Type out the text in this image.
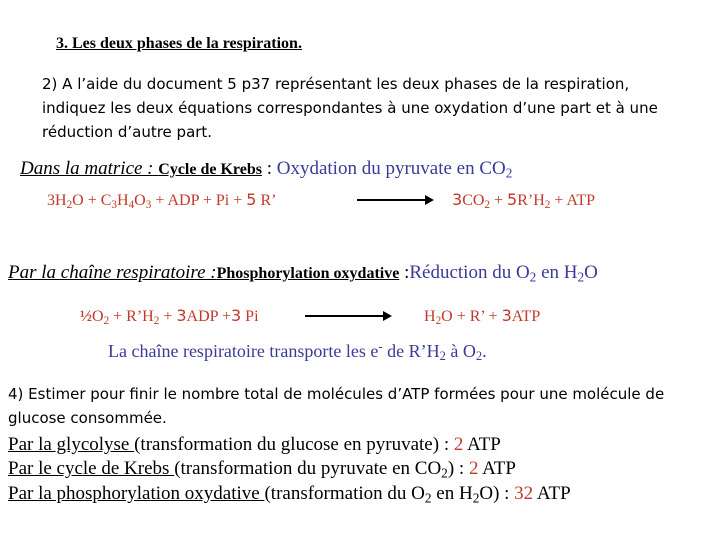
3. Les deux phases de la respiration.
2) A l’aide du document 5 p37 représentant les deux phases de la respiration,
indiquez les deux équations correspondantes à une oxydation d’une part et à une
réduction d’autre part.
Dans la matrice : Cycle de Krebs : Oxydation du pyruvate en $CO_2$
$3H_2O + C_3H_4O_3$ + ADP + Pi + 5 R’	$3CO_2$ + $5R’H_2$ + ATP
Par la chaîne respiratoire :Phosphorylation oxydative :Réduction du $O_2$ en $H_2O$
$\frac{1}{2}O_2$ + $R’H_2 + 3ADP +3$ Pi	$H_2O + R$’ + 3ATP
La chaîne respiratoire transporte les e- de $R’H_2$ à $O_2$.
4) Estimer pour finir le nombre total de molécules d’ATP formées pour une molécule de
glucose consommée.
Par la glycolyse (transformation du glucose en pyruvate) : 2 ATP
Par le cycle de Krebs (transformation du pyruvate en $CO_2$) : 2 ATP
Par la phosphorylation oxydative (transformation du $O_2$ en $H_2O$) : 32 ATP
